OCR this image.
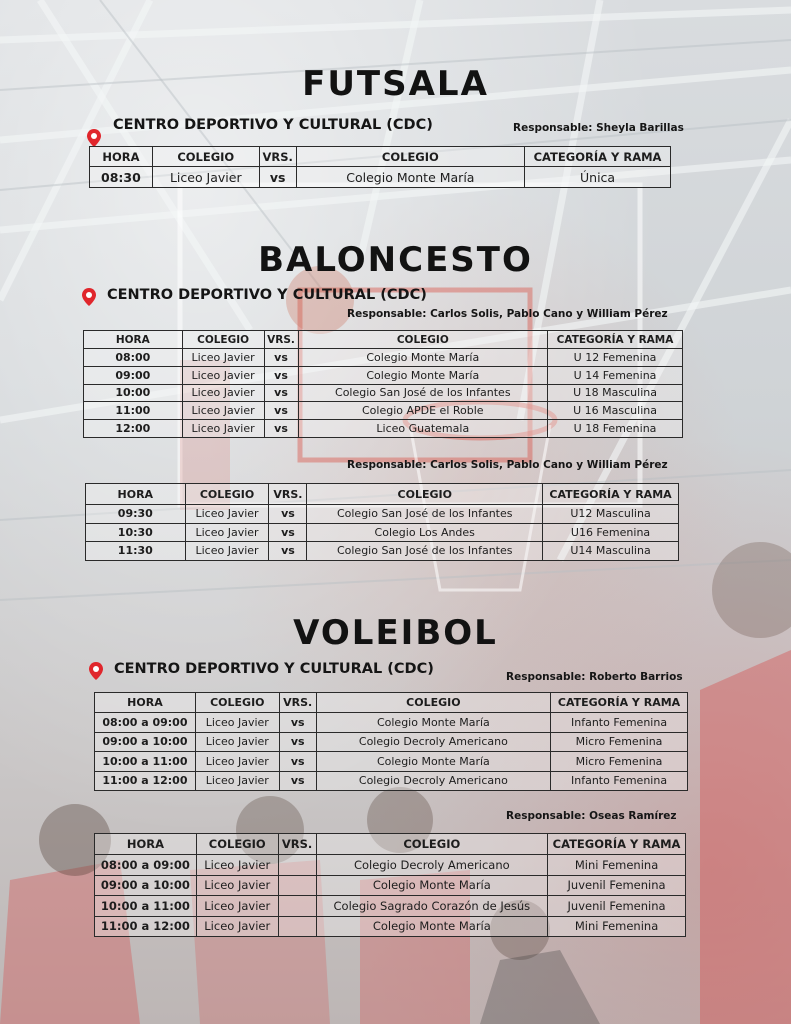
FUTSALA
CENTRO DEPORTIVO Y CULTURAL (CDC)	Responsable: Sheyla Barillas
HORA	COLEGIO	VRS.	COLEGIO	CATEGORÍA Y RAMA
08:30	Liceo Javier	vs	Colegio Monte María	Única
BALONCESTO
CENTRO DEPORTIVO Y CULTURAL (CDC)
Responsable: Carlos Solis, Pablo Cano y William Pérez
HORA	COLEGIO	VRS.	COLEGIO	CATEGORÍA Y RAMA
08:00	Liceo Javier	vs	Colegio Monte María	U 12 Femenina
09:00	Liceo Javier	vs	Colegio Monte María	U 14 Femenina
10:00	Liceo Javier	vs	Colegio San José de los Infantes	U 18 Masculina
11:00	Liceo Javier	vs	Colegio APDE el Roble	U 16 Masculina
12:00	Liceo Javier	vs	Liceo Guatemala	U 18 Femenina
Responsable: Carlos Solis, Pablo Cano y William Pérez
HORA	COLEGIO	VRS.	COLEGIO	CATEGORÍA Y RAMA
09:30	Liceo Javier	vs	Colegio San José de los Infantes	U12 Masculina
10:30	Liceo Javier	vs	Colegio Los Andes	U16 Femenina
11:30	Liceo Javier	vs	Colegio San José de los Infantes	U14 Masculina
VOLEIBOL
CENTRO DEPORTIVO Y CULTURAL (CDC)	Responsable: Roberto Barrios
HORA	COLEGIO	VRS.	COLEGIO	CATEGORÍA Y RAMA
08:00 a 09:00	Liceo Javier	vs	Colegio Monte María	Infanto Femenina
09:00 a 10:00	Liceo Javier	vs	Colegio Decroly Americano	Micro Femenina
10:00 a 11:00	Liceo Javier	vs	Colegio Monte María	Micro Femenina
11:00 a 12:00	Liceo Javier	vs	Colegio Decroly Americano	Infanto Femenina
Responsable: Oseas Ramírez
HORA	COLEGIO	VRS.	COLEGIO	CATEGORÍA Y RAMA
08:00 a 09:00	Liceo Javier		Colegio Decroly Americano	Mini Femenina
09:00 a 10:00	Liceo Javier		Colegio Monte María	Juvenil Femenina
10:00 a 11:00	Liceo Javier		Colegio Sagrado Corazón de Jesús	Juvenil Femenina
11:00 a 12:00	Liceo Javier		Colegio Monte María	Mini Femenina
